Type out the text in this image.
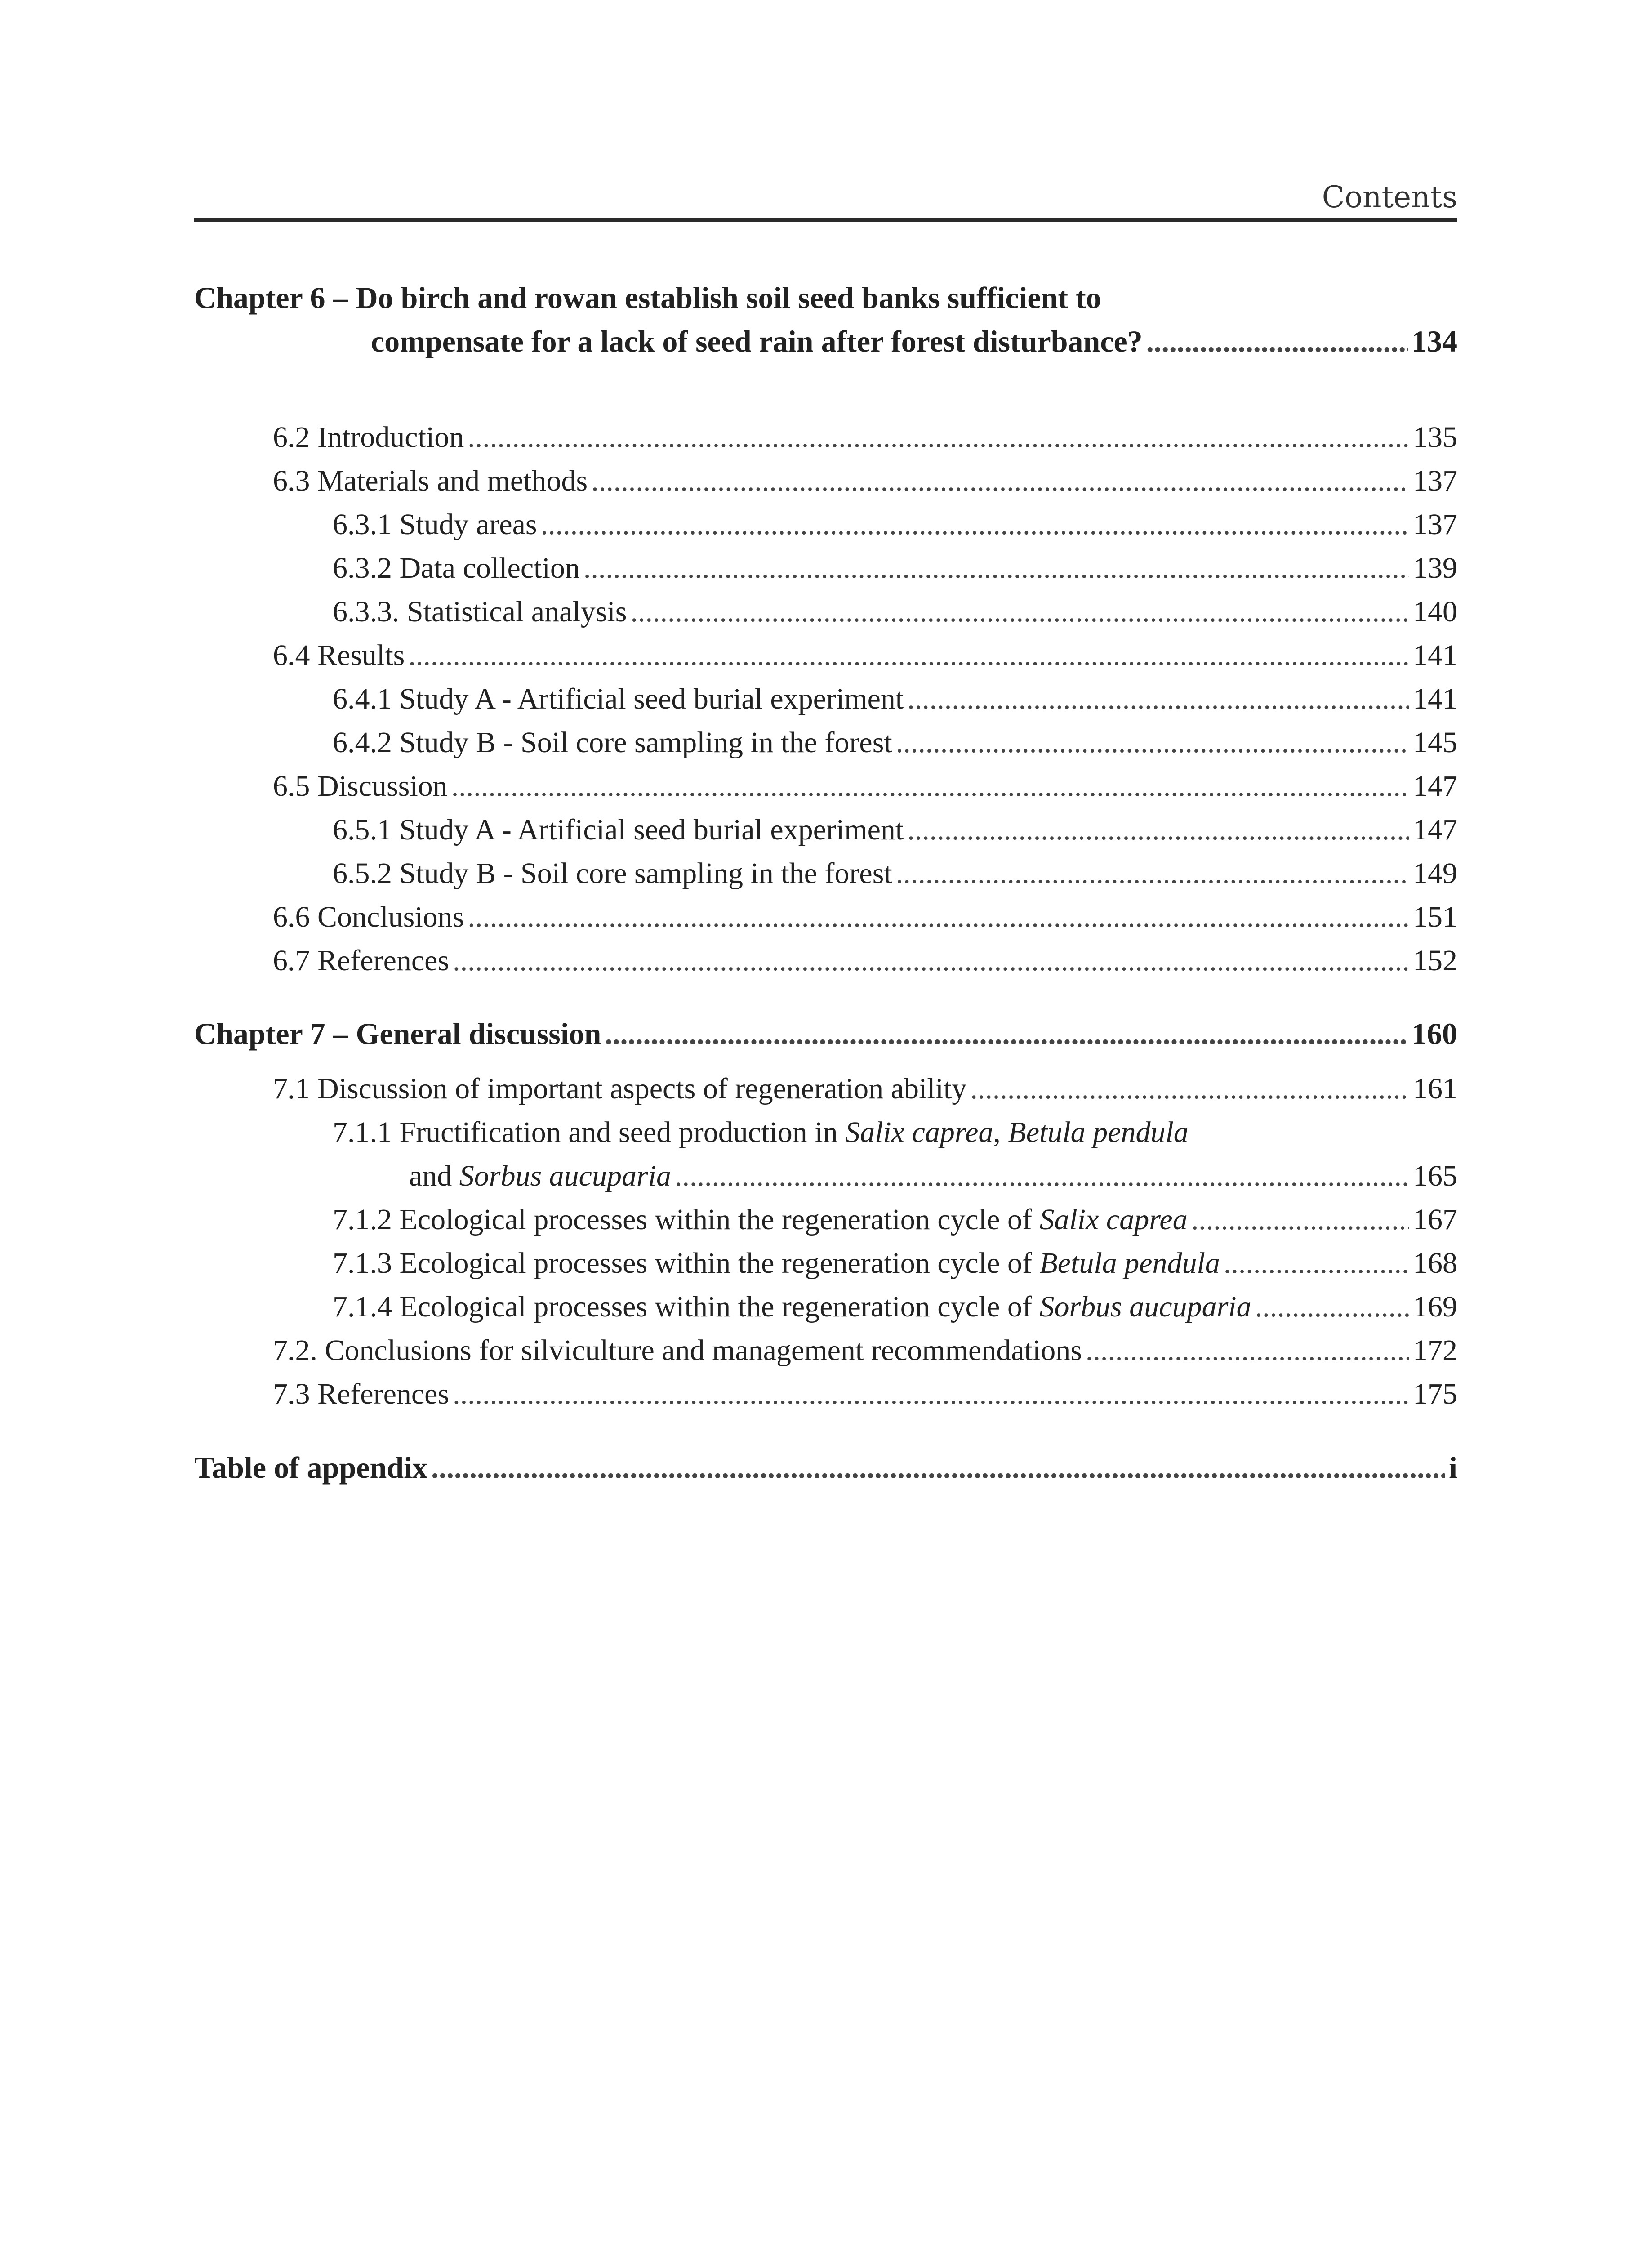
Contents
Chapter 6 – Do birch and rowan establish soil seed banks sufficient to
compensate for a lack of seed rain after forest disturbance? .....	134
6.2 Introduction .....	135
6.3 Materials and methods .....	137
6.3.1 Study areas .....	137
6.3.2 Data collection .....	139
6.3.3. Statistical analysis .....	140
6.4 Results .....	141
6.4.1 Study A - Artificial seed burial experiment .....	141
6.4.2 Study B - Soil core sampling in the forest .....	145
6.5 Discussion .....	147
6.5.1 Study A - Artificial seed burial experiment .....	147
6.5.2 Study B - Soil core sampling in the forest .....	149
6.6 Conclusions .....	151
6.7 References .....	152
Chapter 7 – General discussion .....	160
7.1 Discussion of important aspects of regeneration ability .....	161
7.1.1 Fructification and seed production in Salix caprea, Betula pendula
and Sorbus aucuparia .....	165
7.1.2 Ecological processes within the regeneration cycle of Salix caprea .....	167
7.1.3 Ecological processes within the regeneration cycle of Betula pendula .....	168
7.1.4 Ecological processes within the regeneration cycle of Sorbus aucuparia .....	169
7.2. Conclusions for silviculture and management recommendations .....	172
7.3 References .....	175
Table of appendix .....	i
